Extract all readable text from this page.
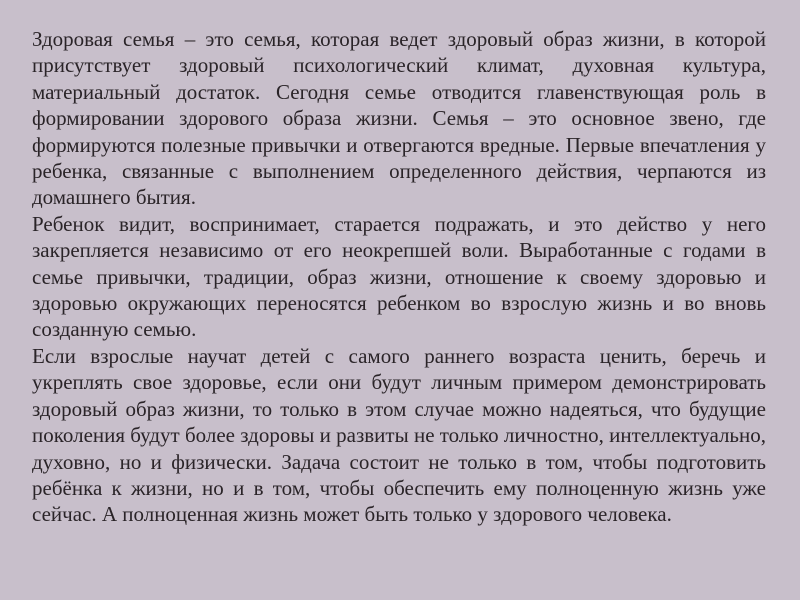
Здоровая семья – это семья, которая ведет здоровый образ жизни, в которой присутствует здоровый психологический климат, духовная культура, материальный достаток. Сегодня семье отводится главенствующая роль в формировании здорового образа жизни. Семья – это основное звено, где формируются полезные привычки и отвергаются вредные. Первые впечатления у ребенка, связанные с выполнением определенного действия, черпаются из домашнего бытия.

Ребенок видит, воспринимает, старается подражать, и это действо у него закрепляется независимо от его неокрепшей воли. Выработанные с годами в семье привычки, традиции, образ жизни, отношение к своему здоровью и здоровью окружающих переносятся ребенком во взрослую жизнь и во вновь созданную семью.

Если взрослые научат детей с самого раннего возраста ценить, беречь и укреплять свое здоровье, если они будут личным примером демонстрировать здоровый образ жизни, то только в этом случае можно надеяться, что будущие поколения будут более здоровы и развиты не только личностно, интеллектуально, духовно, но и физически. Задача состоит не только в том, чтобы подготовить ребёнка к жизни, но и в том, чтобы обеспечить ему полноценную жизнь уже сейчас. А полноценная жизнь может быть только у здорового человека.
